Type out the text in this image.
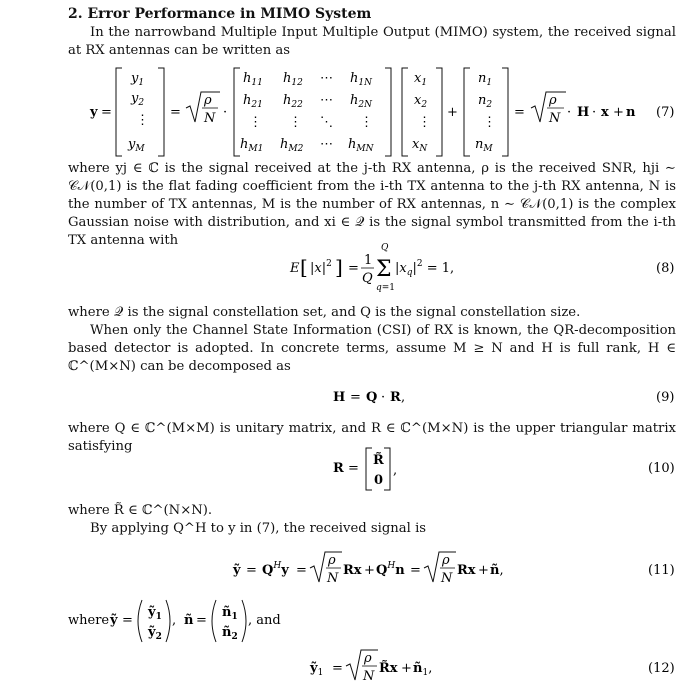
2. Error Performance in MIMO System
In the narrowband Multiple Input Multiple Output (MIMO) system, the received signal at RX antennas can be written as
y =
$y_1$
$y_2$
⋮
$y_M$
=
ρ
N ·
$h_{11}$ $h_{12}$ ⋯ $h_{1N}$
$h_{21}$ $h_{22}$ ⋯ $h_{2N}$
⋮ ⋮ ⋱ ⋮
$h_{M1}$ $h_{M2}$ ⋯ $h_{MN}$
$x_1$
$x_2$
⋮
$x_N$
+
$n_1$
$n_2$
⋮
$n_M$
=
ρ
N · H · x + n (7)
where yj ∈ ℂ is the signal received at the j-th RX antenna, ρ is the received SNR, hji ∼ 𝒞𝒩(0,1) is the flat fading coefficient from the i-th TX antenna to the j-th RX antenna, N is the number of TX antennas, M is the number of RX antennas, n ∼ 𝒞𝒩(0,1) is the complex Gaussian noise with distribution, and xi ∈ 𝒬 is the signal symbol transmitted from the i-th TX antenna with
E [ $|x|^2$ ] =
1
Q Σ
Q
q=1
$|x_q|^2 = 1$,	(8)
where 𝒬 is the signal constellation set, and Q is the signal constellation size.
When only the Channel State Information (CSI) of RX is known, the QR-decomposition based detector is adopted. In concrete terms, assume M ≥ N and H is full rank, H ∈ ℂ^(M×N) can be decomposed as
H = Q · R ,	(9)
where Q ∈ ℂ^(M×M) is unitary matrix, and R ∈ ℂ^(M×N) is the upper triangular matrix satisfying
R =
R̃
0
,	(10)
where R̃ ∈ ℂ^(N×N).
By applying Q^H to y in (7), the received signal is
ỹ = $Q^Hy$ =
ρ
N
$Rx + Q^Hn$ =
ρ
N
Rx + ñ,	(11)
where ỹ =
ỹ$_1$
ỹ$_2$
, ñ =
$ñ_1$
$ñ_2$
, and
ỹ$_1$ =
ρ
N
R̃x + $ñ_1$,	(12)
